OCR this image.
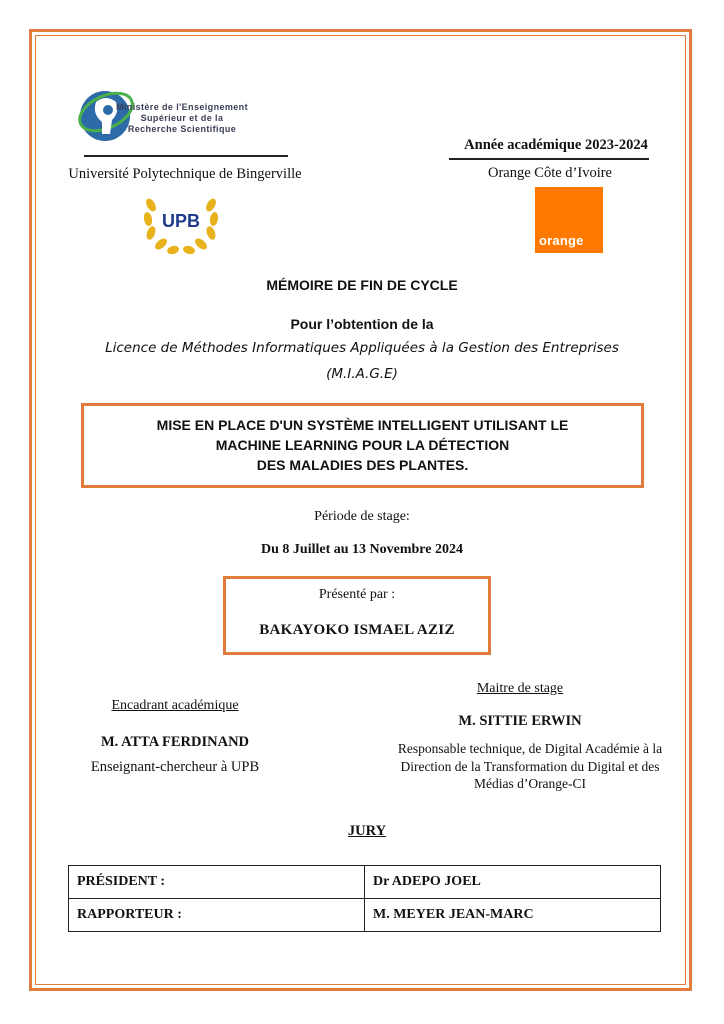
Ministère de l'Enseignement
Supérieur et de la
Recherche Scientifique
Université Polytechnique de Bingerville
UPB
Année académique 2023-2024
Orange Côte d’Ivoire
orange
MÉMOIRE DE FIN DE CYCLE
Pour l’obtention de la
Licence de Méthodes Informatiques Appliquées à la Gestion des Entreprises
(M.I.A.G.E)
MISE EN PLACE D'UN SYSTÈME INTELLIGENT UTILISANT LE
MACHINE LEARNING POUR LA DÉTECTION
DES MALADIES DES PLANTES.
Période de stage:
Du 8 Juillet au 13 Novembre 2024
Présenté par :
BAKAYOKO ISMAEL AZIZ
Encadrant académique
M. ATTA FERDINAND
Enseignant-chercheur à UPB
Maitre de stage
M. SITTIE ERWIN
Responsable technique, de Digital Académie à la
Direction de la Transformation du Digital et des
Médias d’Orange-CI
JURY
PRÉSIDENT :	Dr ADEPO JOEL
RAPPORTEUR :	M. MEYER JEAN-MARC
